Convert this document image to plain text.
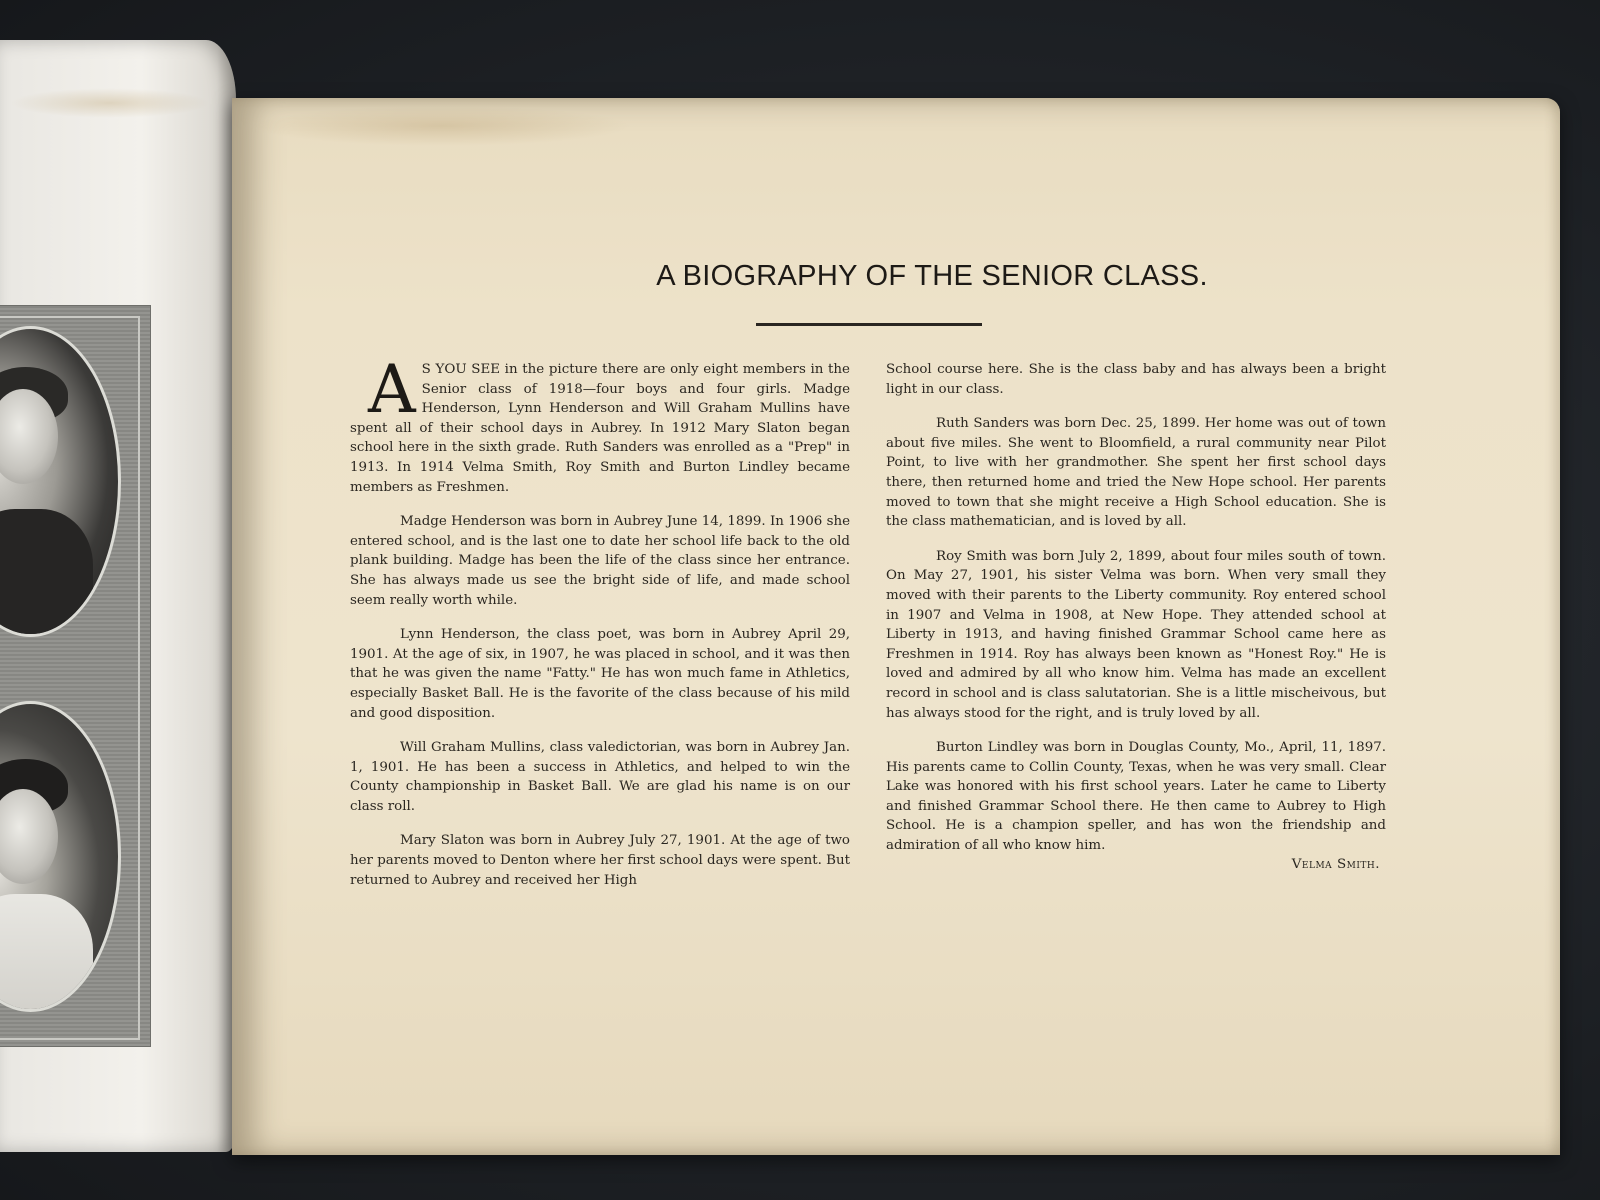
A BIOGRAPHY OF THE SENIOR CLASS.

A S YOU SEE in the picture there are only eight members in the Senior class of 1918—four boys and four girls. Madge Henderson, Lynn Henderson and Will Graham Mullins have spent all of their school days in Aubrey. In 1912 Mary Slaton began school here in the sixth grade. Ruth Sanders was enrolled as a "Prep" in 1913. In 1914 Velma Smith, Roy Smith and Burton Lindley became members as Freshmen.

Madge Henderson was born in Aubrey June 14, 1899. In 1906 she entered school, and is the last one to date her school life back to the old plank building. Madge has been the life of the class since her entrance. She has always made us see the bright side of life, and made school seem really worth while.

Lynn Henderson, the class poet, was born in Aubrey April 29, 1901. At the age of six, in 1907, he was placed in school, and it was then that he was given the name "Fatty." He has won much fame in Athletics, especially Basket Ball. He is the favorite of the class because of his mild and good disposition.

Will Graham Mullins, class valedictorian, was born in Aubrey Jan. 1, 1901. He has been a success in Athletics, and helped to win the County championship in Basket Ball. We are glad his name is on our class roll.

Mary Slaton was born in Aubrey July 27, 1901. At the age of two her parents moved to Denton where her first school days were spent. But returned to Aubrey and received her High

School course here. She is the class baby and has always been a bright light in our class.

Ruth Sanders was born Dec. 25, 1899. Her home was out of town about five miles. She went to Bloomfield, a rural community near Pilot Point, to live with her grandmother. She spent her first school days there, then returned home and tried the New Hope school. Her parents moved to town that she might receive a High School education. She is the class mathematician, and is loved by all.

Roy Smith was born July 2, 1899, about four miles south of town. On May 27, 1901, his sister Velma was born. When very small they moved with their parents to the Liberty community. Roy entered school in 1907 and Velma in 1908, at New Hope. They attended school at Liberty in 1913, and having finished Grammar School came here as Freshmen in 1914. Roy has always been known as "Honest Roy." He is loved and admired by all who know him. Velma has made an excellent record in school and is class salutatorian. She is a little mischeivous, but has always stood for the right, and is truly loved by all.

Burton Lindley was born in Douglas County, Mo., April, 11, 1897. His parents came to Collin County, Texas, when he was very small. Clear Lake was honored with his first school years. Later he came to Liberty and finished Grammar School there. He then came to Aubrey to High School. He is a champion speller, and has won the friendship and admiration of all who know him.

Velma Smith.
